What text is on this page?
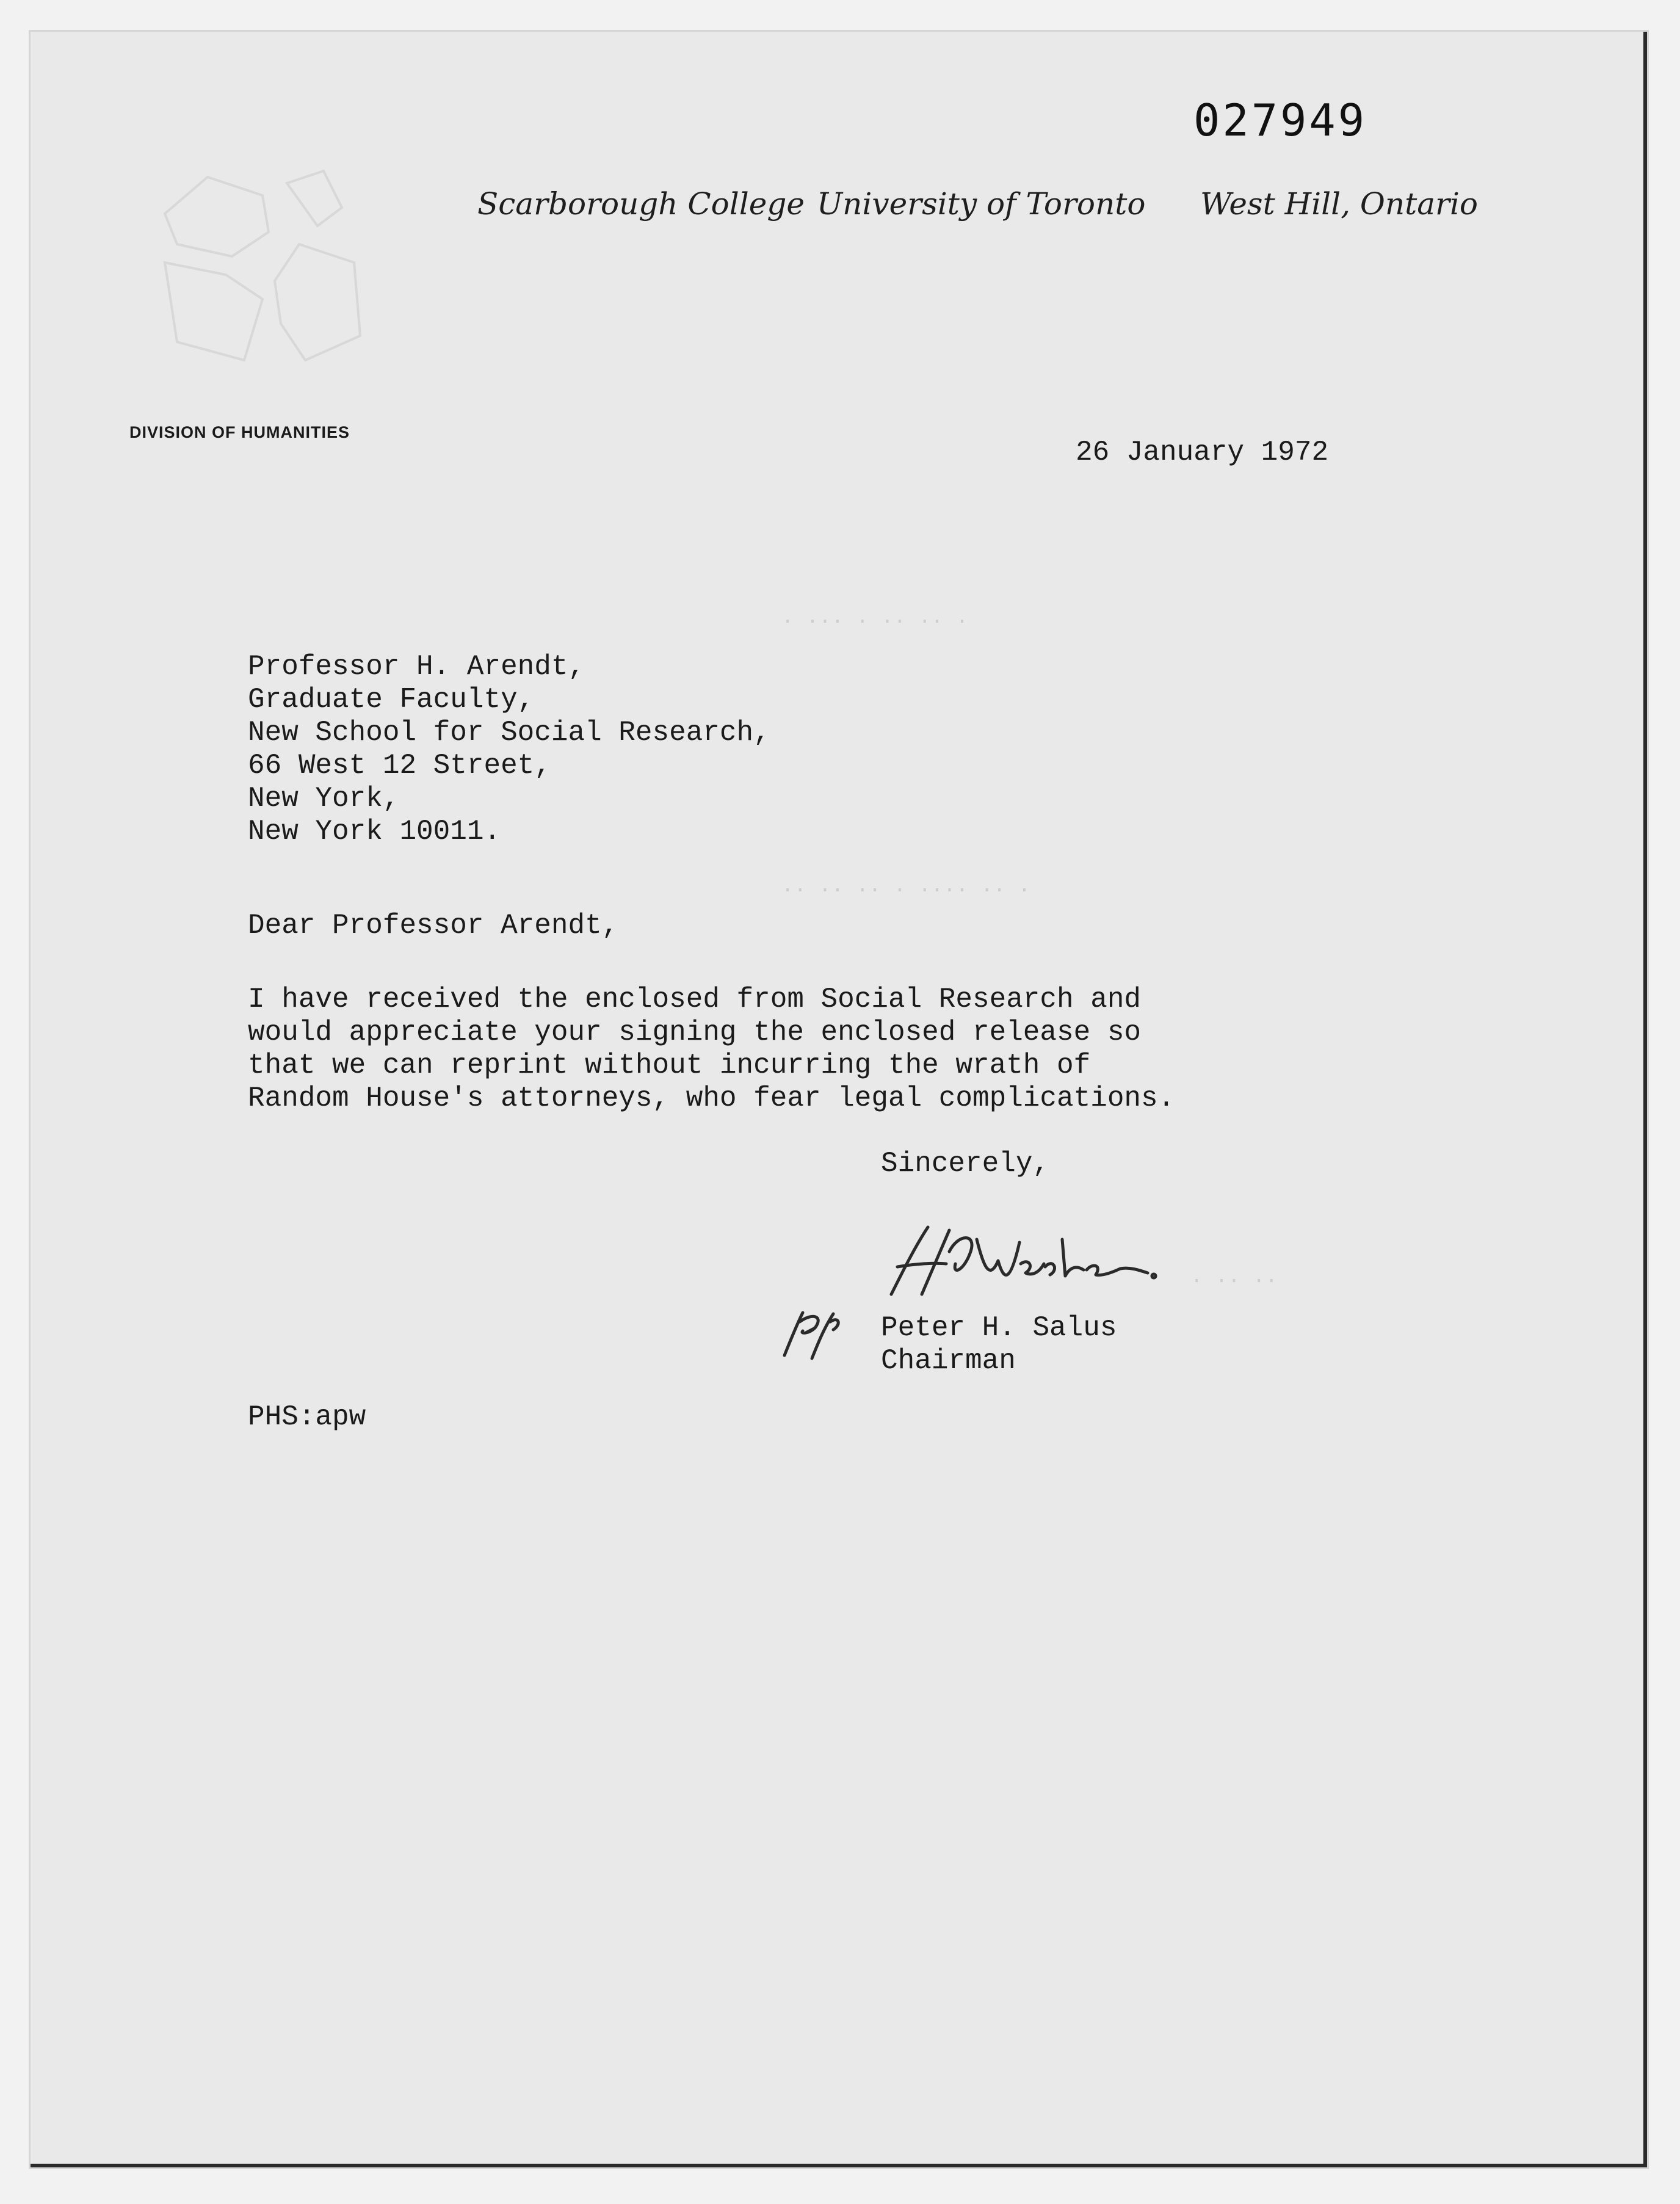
027949
Scarborough College University of Toronto West Hill, Ontario
DIVISION OF HUMANITIES
26 January 1972
Professor H. Arendt,
Graduate Faculty,
New School for Social Research,
66 West 12 Street,
New York,
New York 10011.
Dear Professor Arendt,
I have received the enclosed from Social Research and
would appreciate your signing the enclosed release so
that we can reprint without incurring the wrath of
Random House's attorneys, who fear legal complications.
Sincerely,
Peter H. Salus
Chairman
PHS:apw
· ·· ·· · ··· ·
· ·· ···· · ·· ·· ··
·· ·· ·
